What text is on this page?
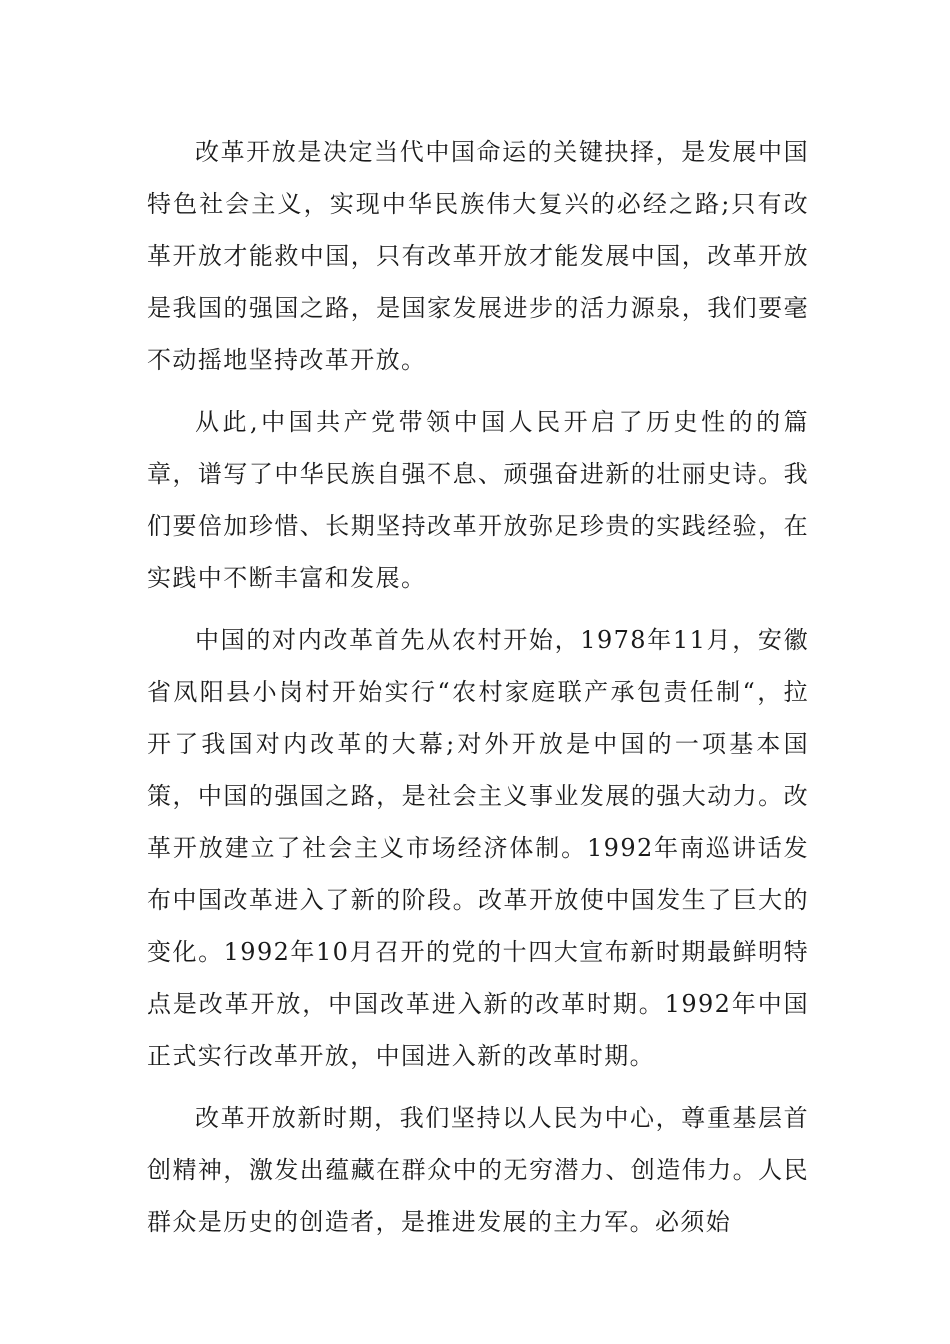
改革开放是决定当代中国命运的关键抉择，是发展中国特色社会主义，实现中华民族伟大复兴的必经之路;只有改革开放才能救中国，只有改革开放才能发展中国，改革开放是我国的强国之路，是国家发展进步的活力源泉，我们要毫不动摇地坚持改革开放。

从此,中国共产党带领中国人民开启了历史性的的篇章，谱写了中华民族自强不息、顽强奋进新的壮丽史诗。我们要倍加珍惜、长期坚持改革开放弥足珍贵的实践经验，在实践中不断丰富和发展。

中国的对内改革首先从农村开始，1978年11月，安徽省凤阳县小岗村开始实行“农村家庭联产承包责任制“，拉开了我国对内改革的大幕;对外开放是中国的一项基本国策，中国的强国之路，是社会主义事业发展的强大动力。改革开放建立了社会主义市场经济体制。1992年南巡讲话发布中国改革进入了新的阶段。改革开放使中国发生了巨大的变化。1992年10月召开的党的十四大宣布新时期最鲜明特点是改革开放，中国改革进入新的改革时期。1992年中国正式实行改革开放，中国进入新的改革时期。

改革开放新时期，我们坚持以人民为中心，尊重基层首创精神，激发出蕴藏在群众中的无穷潜力、创造伟力。人民群众是历史的创造者，是推进发展的主力军。必须始
